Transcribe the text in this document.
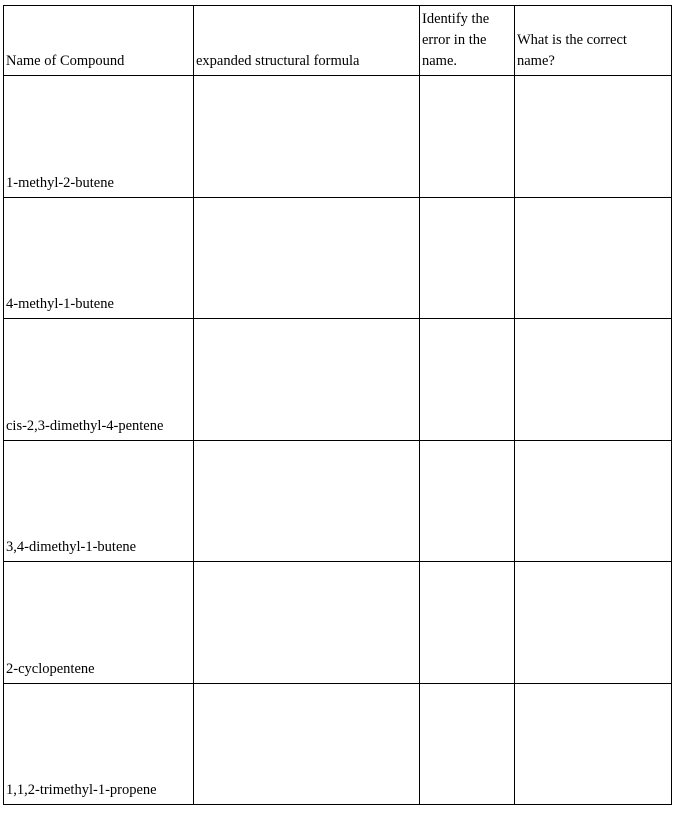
Name of Compound	expanded structural formula	Identify the error in the name.	What is the correct name?
1-methyl-2-butene			
4-methyl-1-butene			
cis-2,3-dimethyl-4-pentene			
3,4-dimethyl-1-butene			
2-cyclopentene			
1,1,2-trimethyl-1-propene			
